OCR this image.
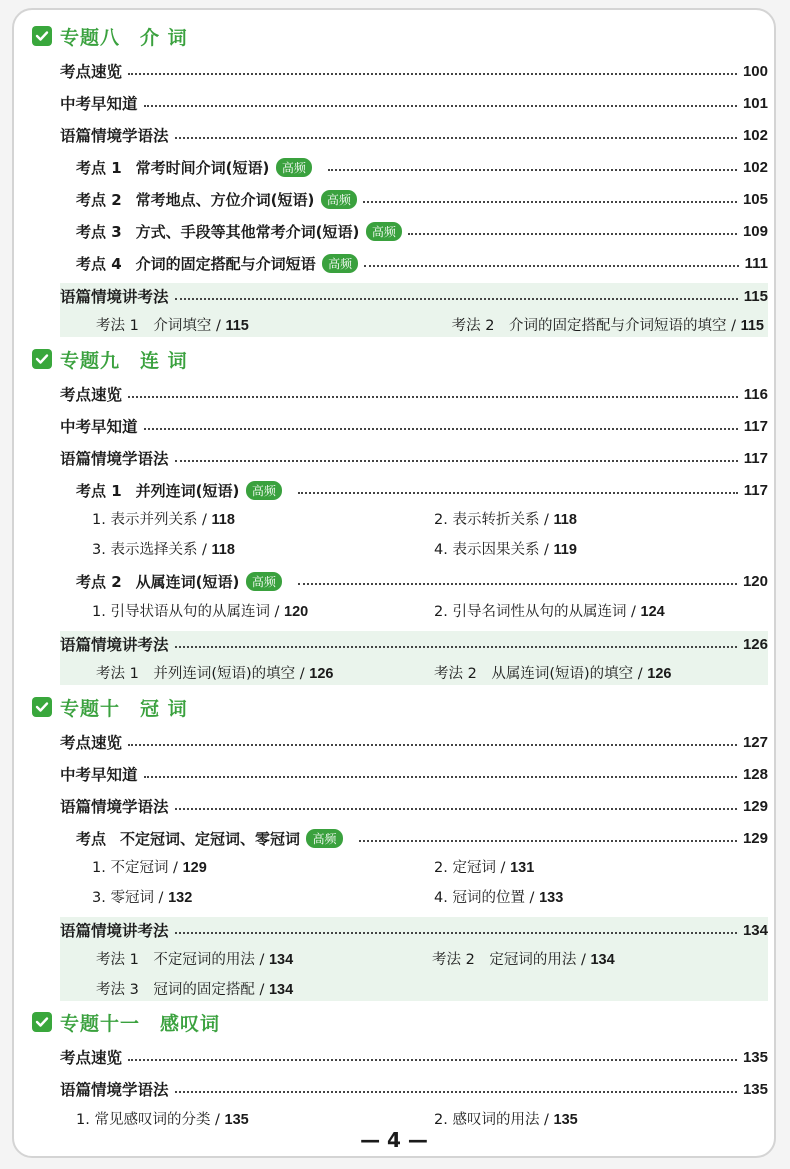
专题八　介 词
考点速览	100
中考早知道	101
语篇情境学语法	102
考点 1　 常考时间介词(短语) 高频	102
考点 2　 常考地点、方位介词(短语) 高频	105
考点 3　 方式、手段等其他常考介词(短语) 高频	109
考点 4　 介词的固定搭配与介词短语 高频	111
语篇情境讲考法	115
考法 1　介词填空 / 115	考法 2　介词的固定搭配与介词短语的填空 / 115
专题九　连 词
考点速览	116
中考早知道	117
语篇情境学语法	117
考点 1　 并列连词(短语) 高频	117
1. 表示并列关系 / 118	2. 表示转折关系 / 118
3. 表示选择关系 / 118	4. 表示因果关系 / 119
考点 2　 从属连词(短语) 高频	120
1. 引导状语从句的从属连词 / 120	2. 引导名词性从句的从属连词 / 124
语篇情境讲考法	126
考法 1　并列连词(短语)的填空 / 126	考法 2　从属连词(短语)的填空 / 126
专题十　冠 词
考点速览	127
中考早知道	128
语篇情境学语法	129
考点　 不定冠词、定冠词、零冠词 高频	129
1. 不定冠词 / 129	2. 定冠词 / 131
3. 零冠词 / 132	4. 冠词的位置 / 133
语篇情境讲考法	134
考法 1　不定冠词的用法 / 134	考法 2　定冠词的用法 / 134
考法 3　冠词的固定搭配 / 134
专题十一　感叹词
考点速览	135
语篇情境学语法	135
1. 常见感叹词的分类 / 135	2. 感叹词的用法 / 135
— 4 —
